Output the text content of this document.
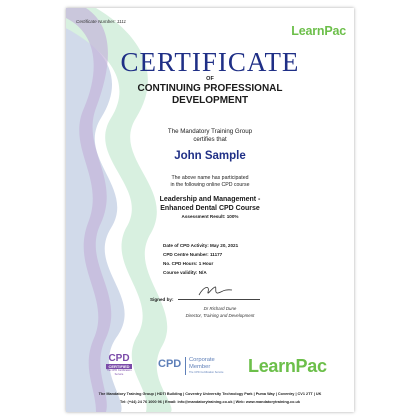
Certificate Number: 1111
LearnPac
CERTIFICATE
OF
CONTINUING PROFESSIONAL
DEVELOPMENT
The Mandatory Training Group
certifies that
John Sample
The above name has participated
in the following online CPD course
Leadership and Management -
Enhanced Dental CPD Course
Assessment Result: 100%
Date of CPD Activity: May 20, 2021
CPD Centre Number: 11177
No. CPD Hours: 1 Hour
Course validity: N/A
Signed by:
Dr Richard Dune
Director, Training and Development
CPD
CERTIFIED
The CPD Certification Service
CPD Corporate
Member
The CPD Certification Service LearnPac
The Mandatory Training Group | HDTI Building | Coventry University Technology Park | Puma Way | Coventry | CV1 2TT | UK
Tel: (+44) 24 76 1000 96 | Email: info@mandatorytraining.co.uk | Web: www.mandatorytraining.co.uk
